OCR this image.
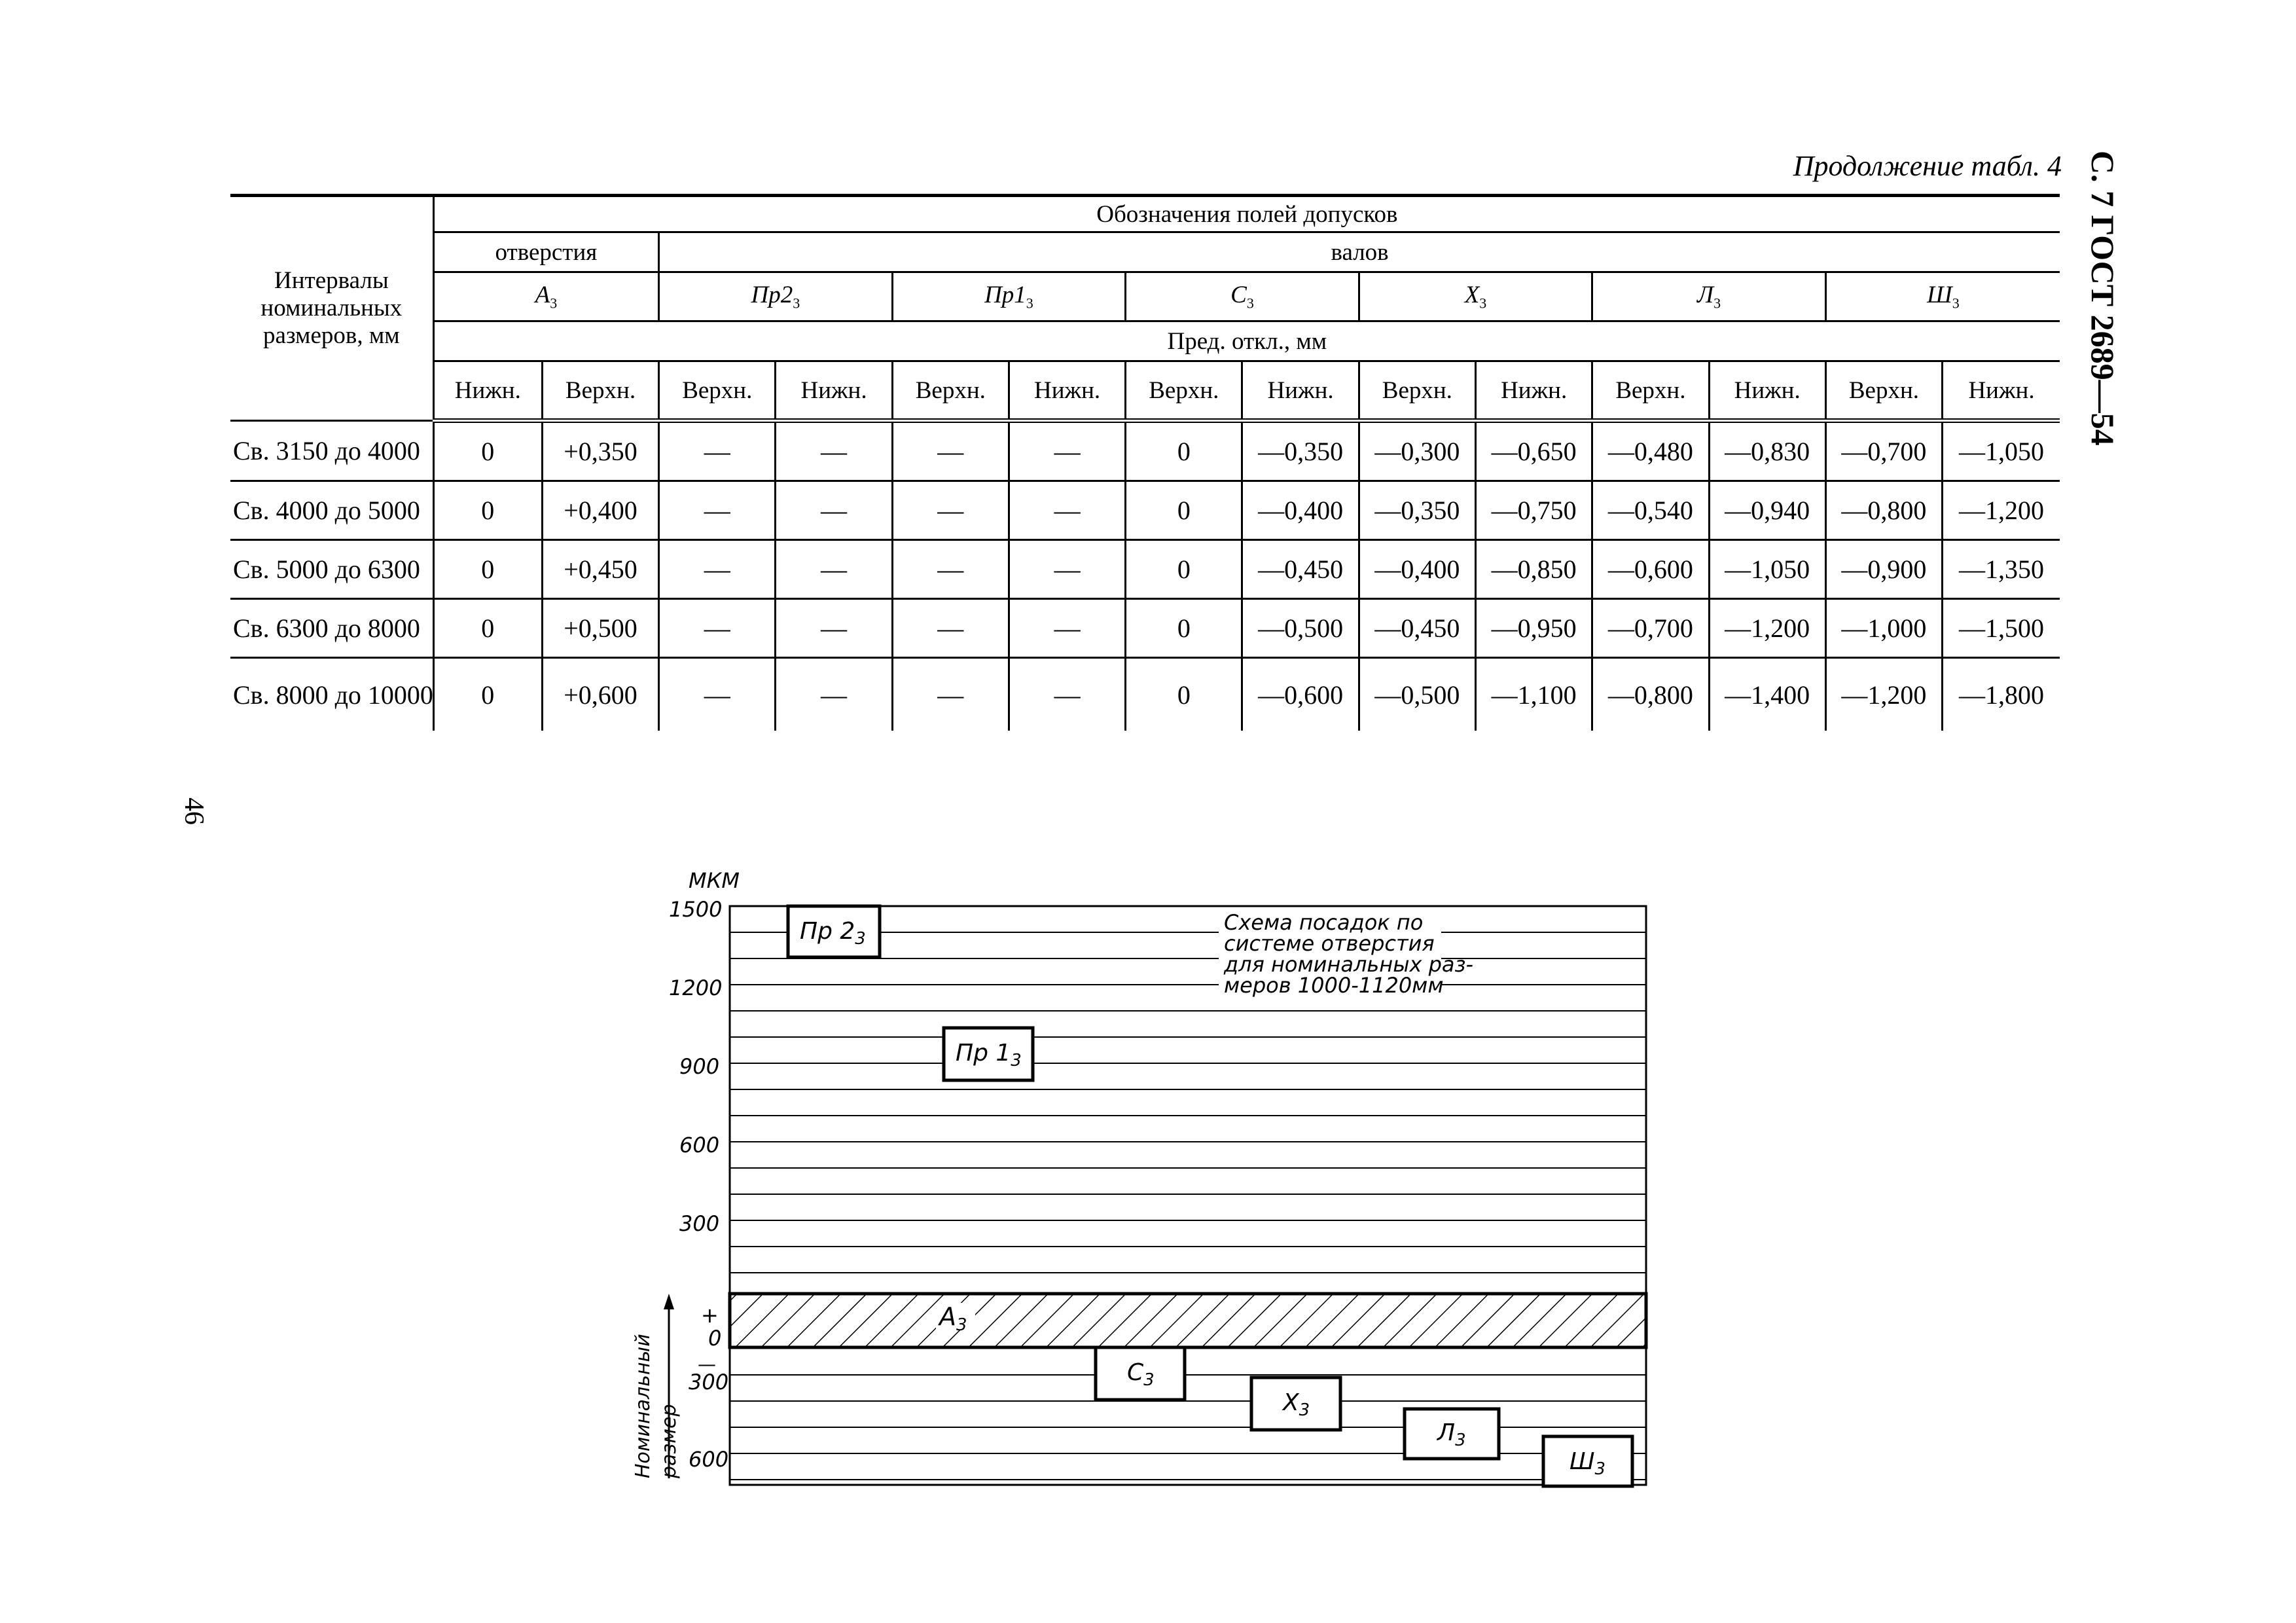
Продолжение табл. 4 С. 7 ГОСТ 2689—54
46
Интервалы номинальных размеров, мм	Обозначения полей допусков													
	отверстия		валов											
	$А_3$		$Пр2_3$		$Пр1_3$		$С_3$		$Х_3$		$Л_3$		$Ш_3$
	Пред. откл., мм													
	Нижн.	Верхн.	Верхн.	Нижн.	Верхн.	Нижн.	Верхн.	Нижн.	Верхн.	Нижн.	Верхн.	Нижн.	Верхн.	Нижн.
Св. 3150 до 4000	0	+0,350	—	—	—	—	0	—0,350	—0,300	—0,650	—0,480	—0,830	—0,700	—1,050
Св. 4000 до 5000	0	+0,400	—	—	—	—	0	—0,400	—0,350	—0,750	—0,540	—0,940	—0,800	—1,200
Св. 5000 до 6300	0	+0,450	—	—	—	—	0	—0,450	—0,400	—0,850	—0,600	—1,050	—0,900	—1,350
Св. 6300 до 8000	0	+0,500	—	—	—	—	0	—0,500	—0,450	—0,950	—0,700	—1,200	—1,000	—1,500
Св. 8000 до 10000	0	+0,600	—	—	—	—	0	—0,600	—0,500	—1,100	—0,800	—1,400	—1,200	—1,800
МКМ
1500
1200
900
600
300
+
0
—
300
600
Номинальный размер
Схема посадок по
системе отверстия
для номинальных раз-
меров 1000-1120мм
$А_3$
Пр $2_3$
Пр $1_3$
$С_3$
$Х_3$
$Л_3$
$Ш_3$
